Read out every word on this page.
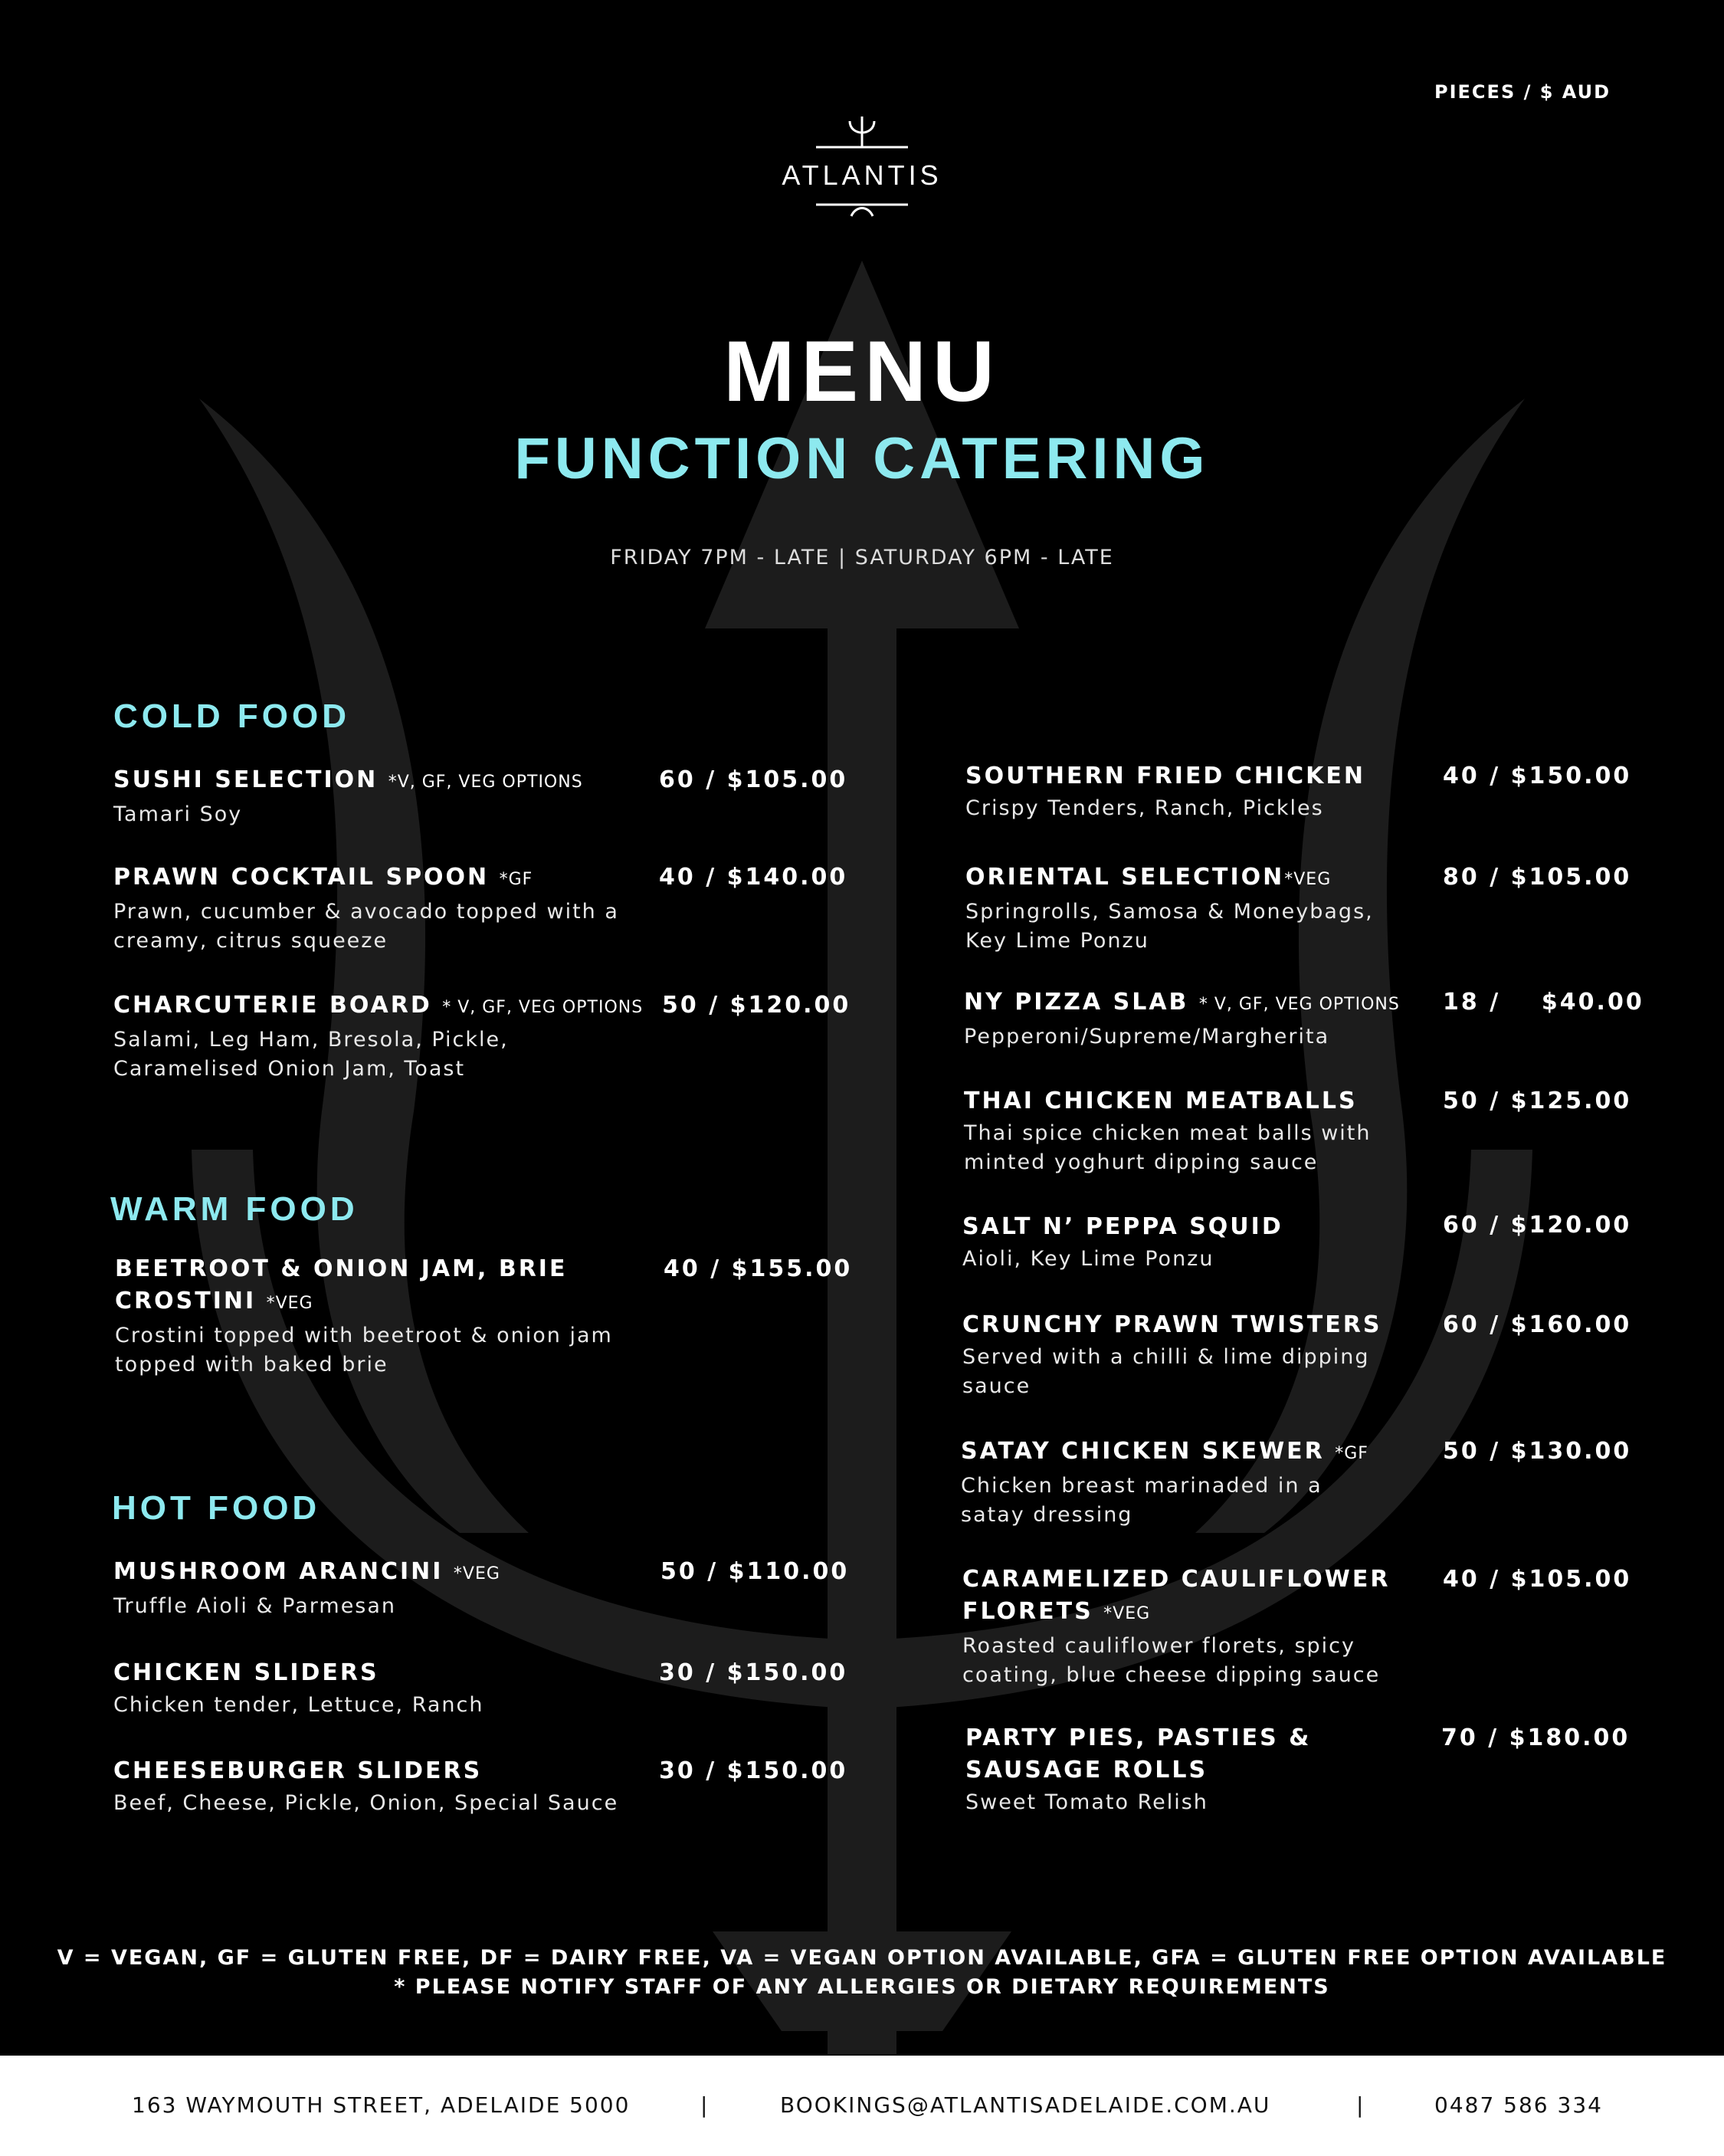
PIECES / $ AUD
ATLANTIS
MENU
FUNCTION CATERING
FRIDAY 7PM - LATE | SATURDAY 6PM - LATE
COLD FOOD
SUSHI SELECTION *V, GF, VEG OPTIONS
Tamari Soy
60 / $105.00
PRAWN COCKTAIL SPOON *GF
Prawn, cucumber & avocado topped with a creamy, citrus squeeze
40 / $140.00
CHARCUTERIE BOARD * V, GF, VEG OPTIONS
Salami, Leg Ham, Bresola, Pickle, Caramelised Onion Jam, Toast
50 / $120.00
WARM FOOD
BEETROOT & ONION JAM, BRIE CROSTINI *VEG
Crostini topped with beetroot & onion jam topped with baked brie
40 / $155.00
HOT FOOD
MUSHROOM ARANCINI *VEG
Truffle Aioli & Parmesan
50 / $110.00
CHICKEN SLIDERS
Chicken tender, Lettuce, Ranch
30 / $150.00
CHEESEBURGER SLIDERS
Beef, Cheese, Pickle, Onion, Special Sauce
30 / $150.00
SOUTHERN FRIED CHICKEN
Crispy Tenders, Ranch, Pickles
40 / $150.00
ORIENTAL SELECTION*VEG
Springrolls, Samosa & Moneybags, Key Lime Ponzu
80 / $105.00
NY PIZZA SLAB * V, GF, VEG OPTIONS
Pepperoni/Supreme/Margherita
18 /    $40.00
THAI CHICKEN MEATBALLS
Thai spice chicken meat balls with minted yoghurt dipping sauce
50 / $125.00
SALT N’ PEPPA SQUID
Aioli, Key Lime Ponzu
60 / $120.00
CRUNCHY PRAWN TWISTERS
Served with a chilli & lime dipping sauce
60 / $160.00
SATAY CHICKEN SKEWER *GF
Chicken breast marinaded in a satay dressing
50 / $130.00
CARAMELIZED CAULIFLOWER FLORETS *VEG
Roasted cauliflower florets, spicy coating, blue cheese dipping sauce
40 / $105.00
PARTY PIES, PASTIES & SAUSAGE ROLLS
Sweet Tomato Relish
70 / $180.00
V = VEGAN, GF = GLUTEN FREE, DF = DAIRY FREE, VA = VEGAN OPTION AVAILABLE, GFA = GLUTEN FREE OPTION AVAILABLE
* PLEASE NOTIFY STAFF OF ANY ALLERGIES OR DIETARY REQUIREMENTS
163 WAYMOUTH STREET, ADELAIDE 5000	|	BOOKINGS@ATLANTISADELAIDE.COM.AU	|	0487 586 334
